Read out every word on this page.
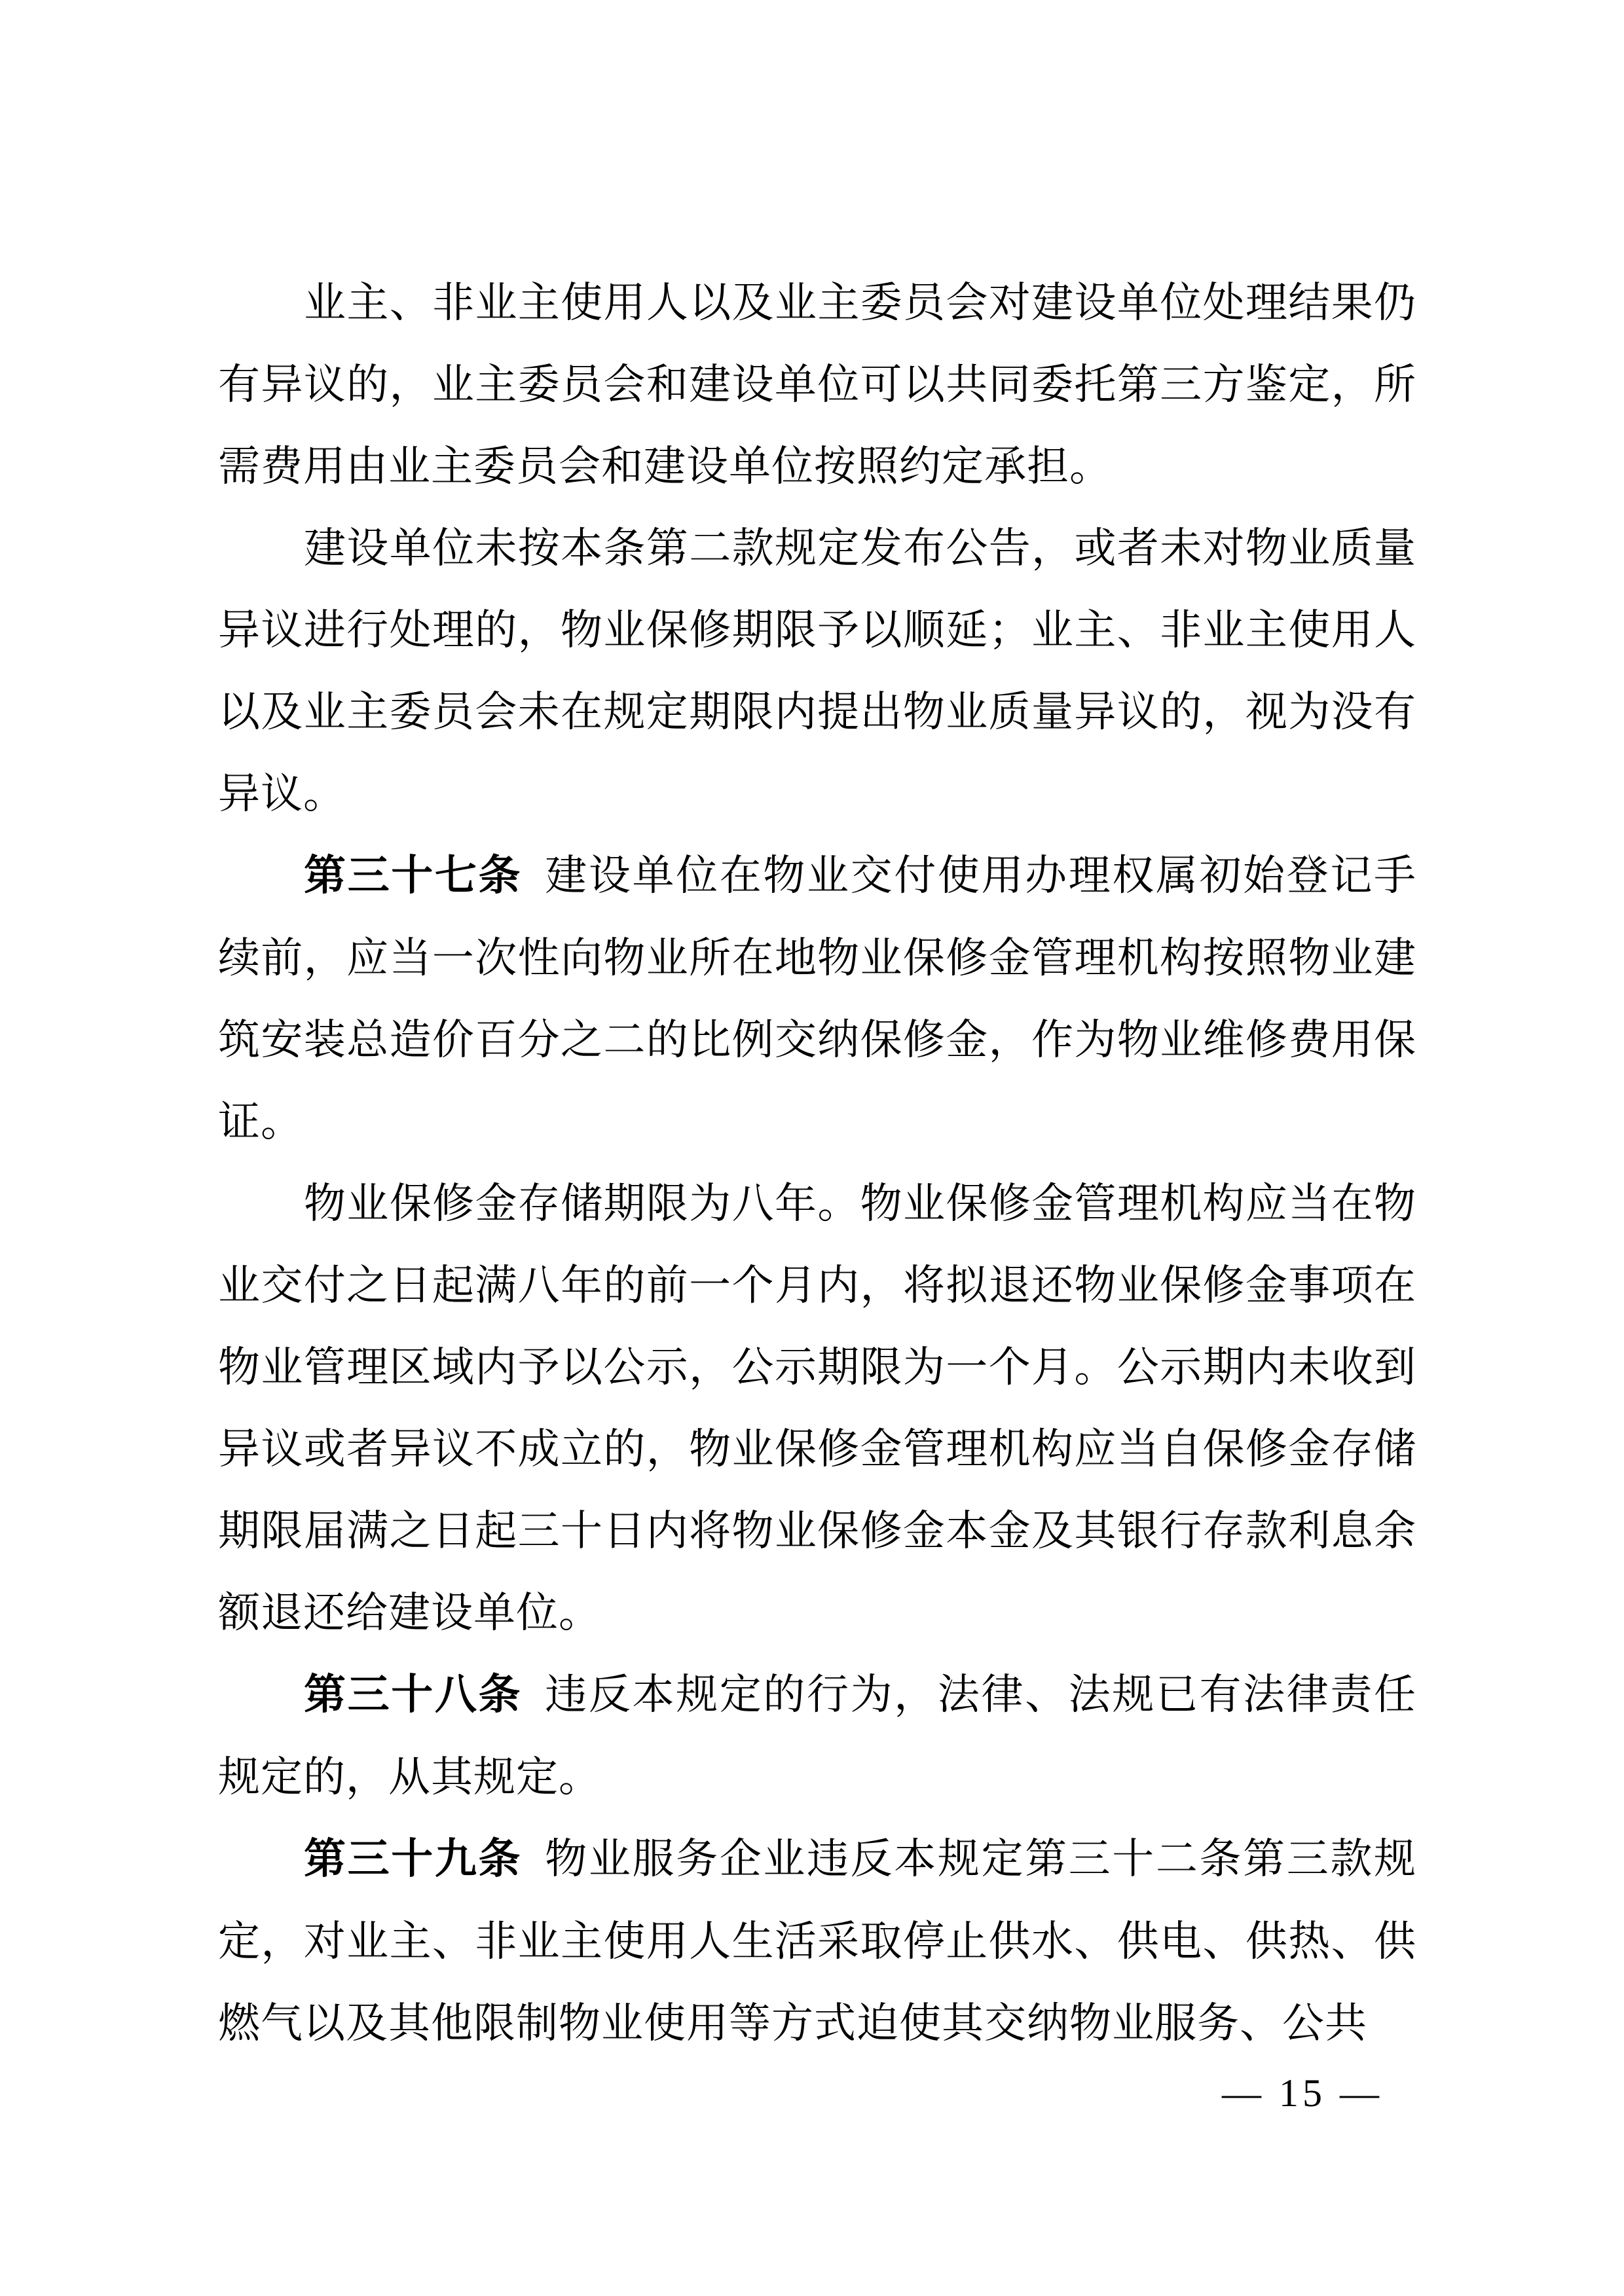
业主、非业主使用人以及业主委员会对建设单位处理结果仍有异议的，业主委员会和建设单位可以共同委托第三方鉴定，所需费用由业主委员会和建设单位按照约定承担。

建设单位未按本条第二款规定发布公告，或者未对物业质量异议进行处理的，物业保修期限予以顺延；业主、非业主使用人以及业主委员会未在规定期限内提出物业质量异议的，视为没有异议。

第三十七条 建设单位在物业交付使用办理权属初始登记手续前，应当一次性向物业所在地物业保修金管理机构按照物业建筑安装总造价百分之二的比例交纳保修金，作为物业维修费用保证。

物业保修金存储期限为八年。物业保修金管理机构应当在物业交付之日起满八年的前一个月内，将拟退还物业保修金事项在物业管理区域内予以公示，公示期限为一个月。公示期内未收到异议或者异议不成立的，物业保修金管理机构应当自保修金存储期限届满之日起三十日内将物业保修金本金及其银行存款利息余额退还给建设单位。

第三十八条 违反本规定的行为，法律、法规已有法律责任规定的，从其规定。

第三十九条 物业服务企业违反本规定第三十二条第三款规定，对业主、非业主使用人生活采取停止供水、供电、供热、供燃气以及其他限制物业使用等方式迫使其交纳物业服务、公共

— 15 —
